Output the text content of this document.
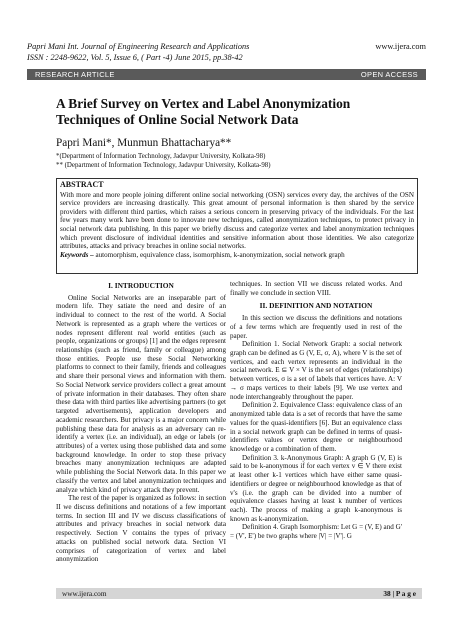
Papri Mani Int. Journal of Engineering Research and Applications	www.ijera.com
ISSN : 2248-9622, Vol. 5, Issue 6, ( Part -4) June 2015, pp.38-42
RESEARCH ARTICLE	OPEN ACCESS
A Brief Survey on Vertex and Label Anonymization Techniques of Online Social Network Data
Papri Mani*, Munmun Bhattacharya**
*(Department of Information Technology, Jadavpur University, Kolkata-98)
** (Department of Information Technology, Jadavpur University, Kolkata-98)
ABSTRACT
With more and more people joining different online social networking (OSN) services every day, the archives of the OSN service providers are increasing drastically. This great amount of personal information is then shared by the service providers with different third parties, which raises a serious concern in preserving privacy of the individuals. For the last few years many work have been done to innovate new techniques, called anonymization techniques, to protect privacy in social network data publishing. In this paper we briefly discuss and categorize vertex and label anonymization techniques which prevent disclosure of individual identities and sensitive information about those identities. We also categorize attributes, attacks and privacy breaches in online social networks.
Keywords – automorphism, equivalence class, isomorphism, k-anonymization, social network graph
I. INTRODUCTION

Online Social Networks are an inseparable part of modern life. They satiate the need and desire of an individual to connect to the rest of the world. A Social Network is represented as a graph where the vertices or nodes represent different real world entities (such as people, organizations or groups) [1] and the edges represent relationships (such as friend, family or colleague) among those entities. People use these Social Networking platforms to connect to their family, friends and colleagues and share their personal views and information with them. So Social Network service providers collect a great amount of private information in their databases. They often share these data with third parties like advertising partners (to get targeted advertisements), application developers and academic researchers. But privacy is a major concern while publishing these data for analysis as an adversary can re-identify a vertex (i.e. an individual), an edge or labels (or attributes) of a vertex using those published data and some background knowledge. In order to stop these privacy breaches many anonymization techniques are adapted while publishing the Social Network data. In this paper we classify the vertex and label anonymization techniques and analyze which kind of privacy attack they prevent.

The rest of the paper is organized as follows: in section II we discuss definitions and notations of a few important terms. In section III and IV we discuss classifications of attributes and privacy breaches in social network data respectively. Section V contains the types of privacy attacks on published social network data. Section VI comprises of categorization of vertex and label anonymization

techniques. In section VII we discuss related works. And finally we conclude in section VIII.

II. DEFINITION AND NOTATION

In this section we discuss the definitions and notations of a few terms which are frequently used in rest of the paper.

Definition 1. Social Network Graph: a social network graph can be defined as G (V, E, σ, A), where V is the set of vertices, and each vertex represents an individual in the social network. E ⊆ V × V is the set of edges (relationships) between vertices, σ is a set of labels that vertices have. A: V → σ maps vertices to their labels [9]. We use vertex and node interchangeably throughout the paper.

Definition 2. Equivalence Class: equivalence class of an anonymized table data is a set of records that have the same values for the quasi-identifiers [6]. But an equivalence class in a social network graph can be defined in terms of quasi-identifiers values or vertex degree or neighbourhood knowledge or a combination of them.

Definition 3. k-Anonymous Graph: A graph G (V, E) is said to be k-anonymous if for each vertex v ∈ V there exist at least other k-1 vertices which have either same quasi-identifiers or degree or neighbourhood knowledge as that of v's (i.e. the graph can be divided into a number of equivalence classes having at least k number of vertices each). The process of making a graph k-anonymous is known as k-anonymization.

Definition 4. Graph Isomorphism: Let G = (V, E) and G' = (V', E') be two graphs where |V| = |V'|. G

www.ijera.com	38 | P a g e
